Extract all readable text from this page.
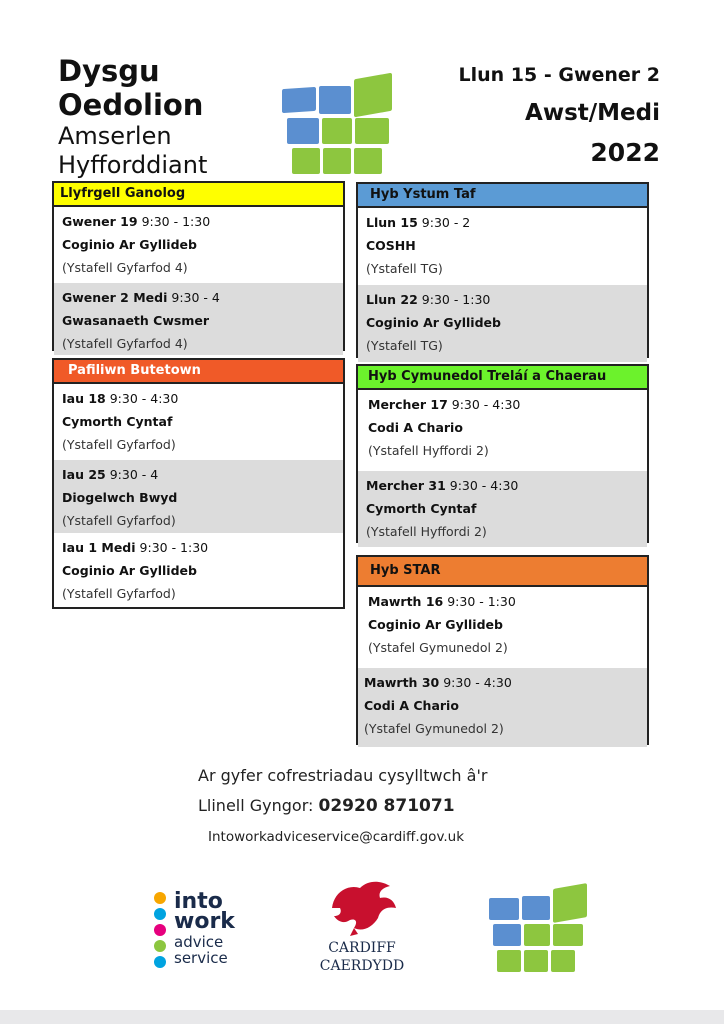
Dysgu
Oedolion
Amserlen
Hyfforddiant
Llun 15 - Gwener 2
Awst/Medi
2022
Llyfrgell Ganolog
Gwener 19 9:30 - 1:30
Coginio Ar Gyllideb
(Ystafell Gyfarfod 4)
Gwener 2 Medi 9:30 - 4
Gwasanaeth Cwsmer
(Ystafell Gyfarfod 4)
Pafiliwn Butetown
Iau 18 9:30 - 4:30
Cymorth Cyntaf
(Ystafell Gyfarfod)
Iau 25 9:30 - 4
Diogelwch Bwyd
(Ystafell Gyfarfod)
Iau 1 Medi 9:30 - 1:30
Coginio Ar Gyllideb
(Ystafell Gyfarfod)
Hyb Ystum Taf
Llun 15 9:30 - 2
COSHH
(Ystafell TG)
Llun 22 9:30 - 1:30
Coginio Ar Gyllideb
(Ystafell TG)
Hyb Cymunedol Treláí a Chaerau
Mercher 17 9:30 - 4:30
Codi A Chario
(Ystafell Hyffordi 2)
Mercher 31 9:30 - 4:30
Cymorth Cyntaf
(Ystafell Hyffordi 2)
Hyb STAR
Mawrth 16 9:30 - 1:30
Coginio Ar Gyllideb
(Ystafel Gymunedol 2)
Mawrth 30 9:30 - 4:30
Codi A Chario
(Ystafel Gymunedol 2)
Ar gyfer cofrestriadau cysylltwch â'r
Llinell Gyngor: 02920 871071
Intoworkadviceservice@cardiff.gov.uk
into
work
advice
service
CARDIFF
CAERDYDD
